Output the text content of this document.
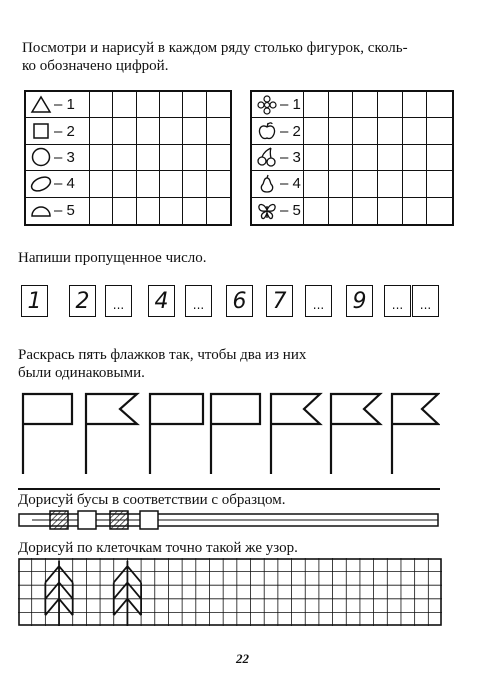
Посмотри и нарисуй в каждом ряду столько фигурок, сколь-
ко обозначено цифрой.
– 1
– 2
– 3
– 4
– 5
– 1
– 2
– 3
– 4
– 5
Напиши пропущенное число.
1 2	...	4	...	6 7	...	9	...	...
Раскрась пять флажков так, чтобы два из них
были одинаковыми.
Дорисуй бусы в соответствии с образцом.
Дорисуй по клеточкам точно такой же узор.
22
